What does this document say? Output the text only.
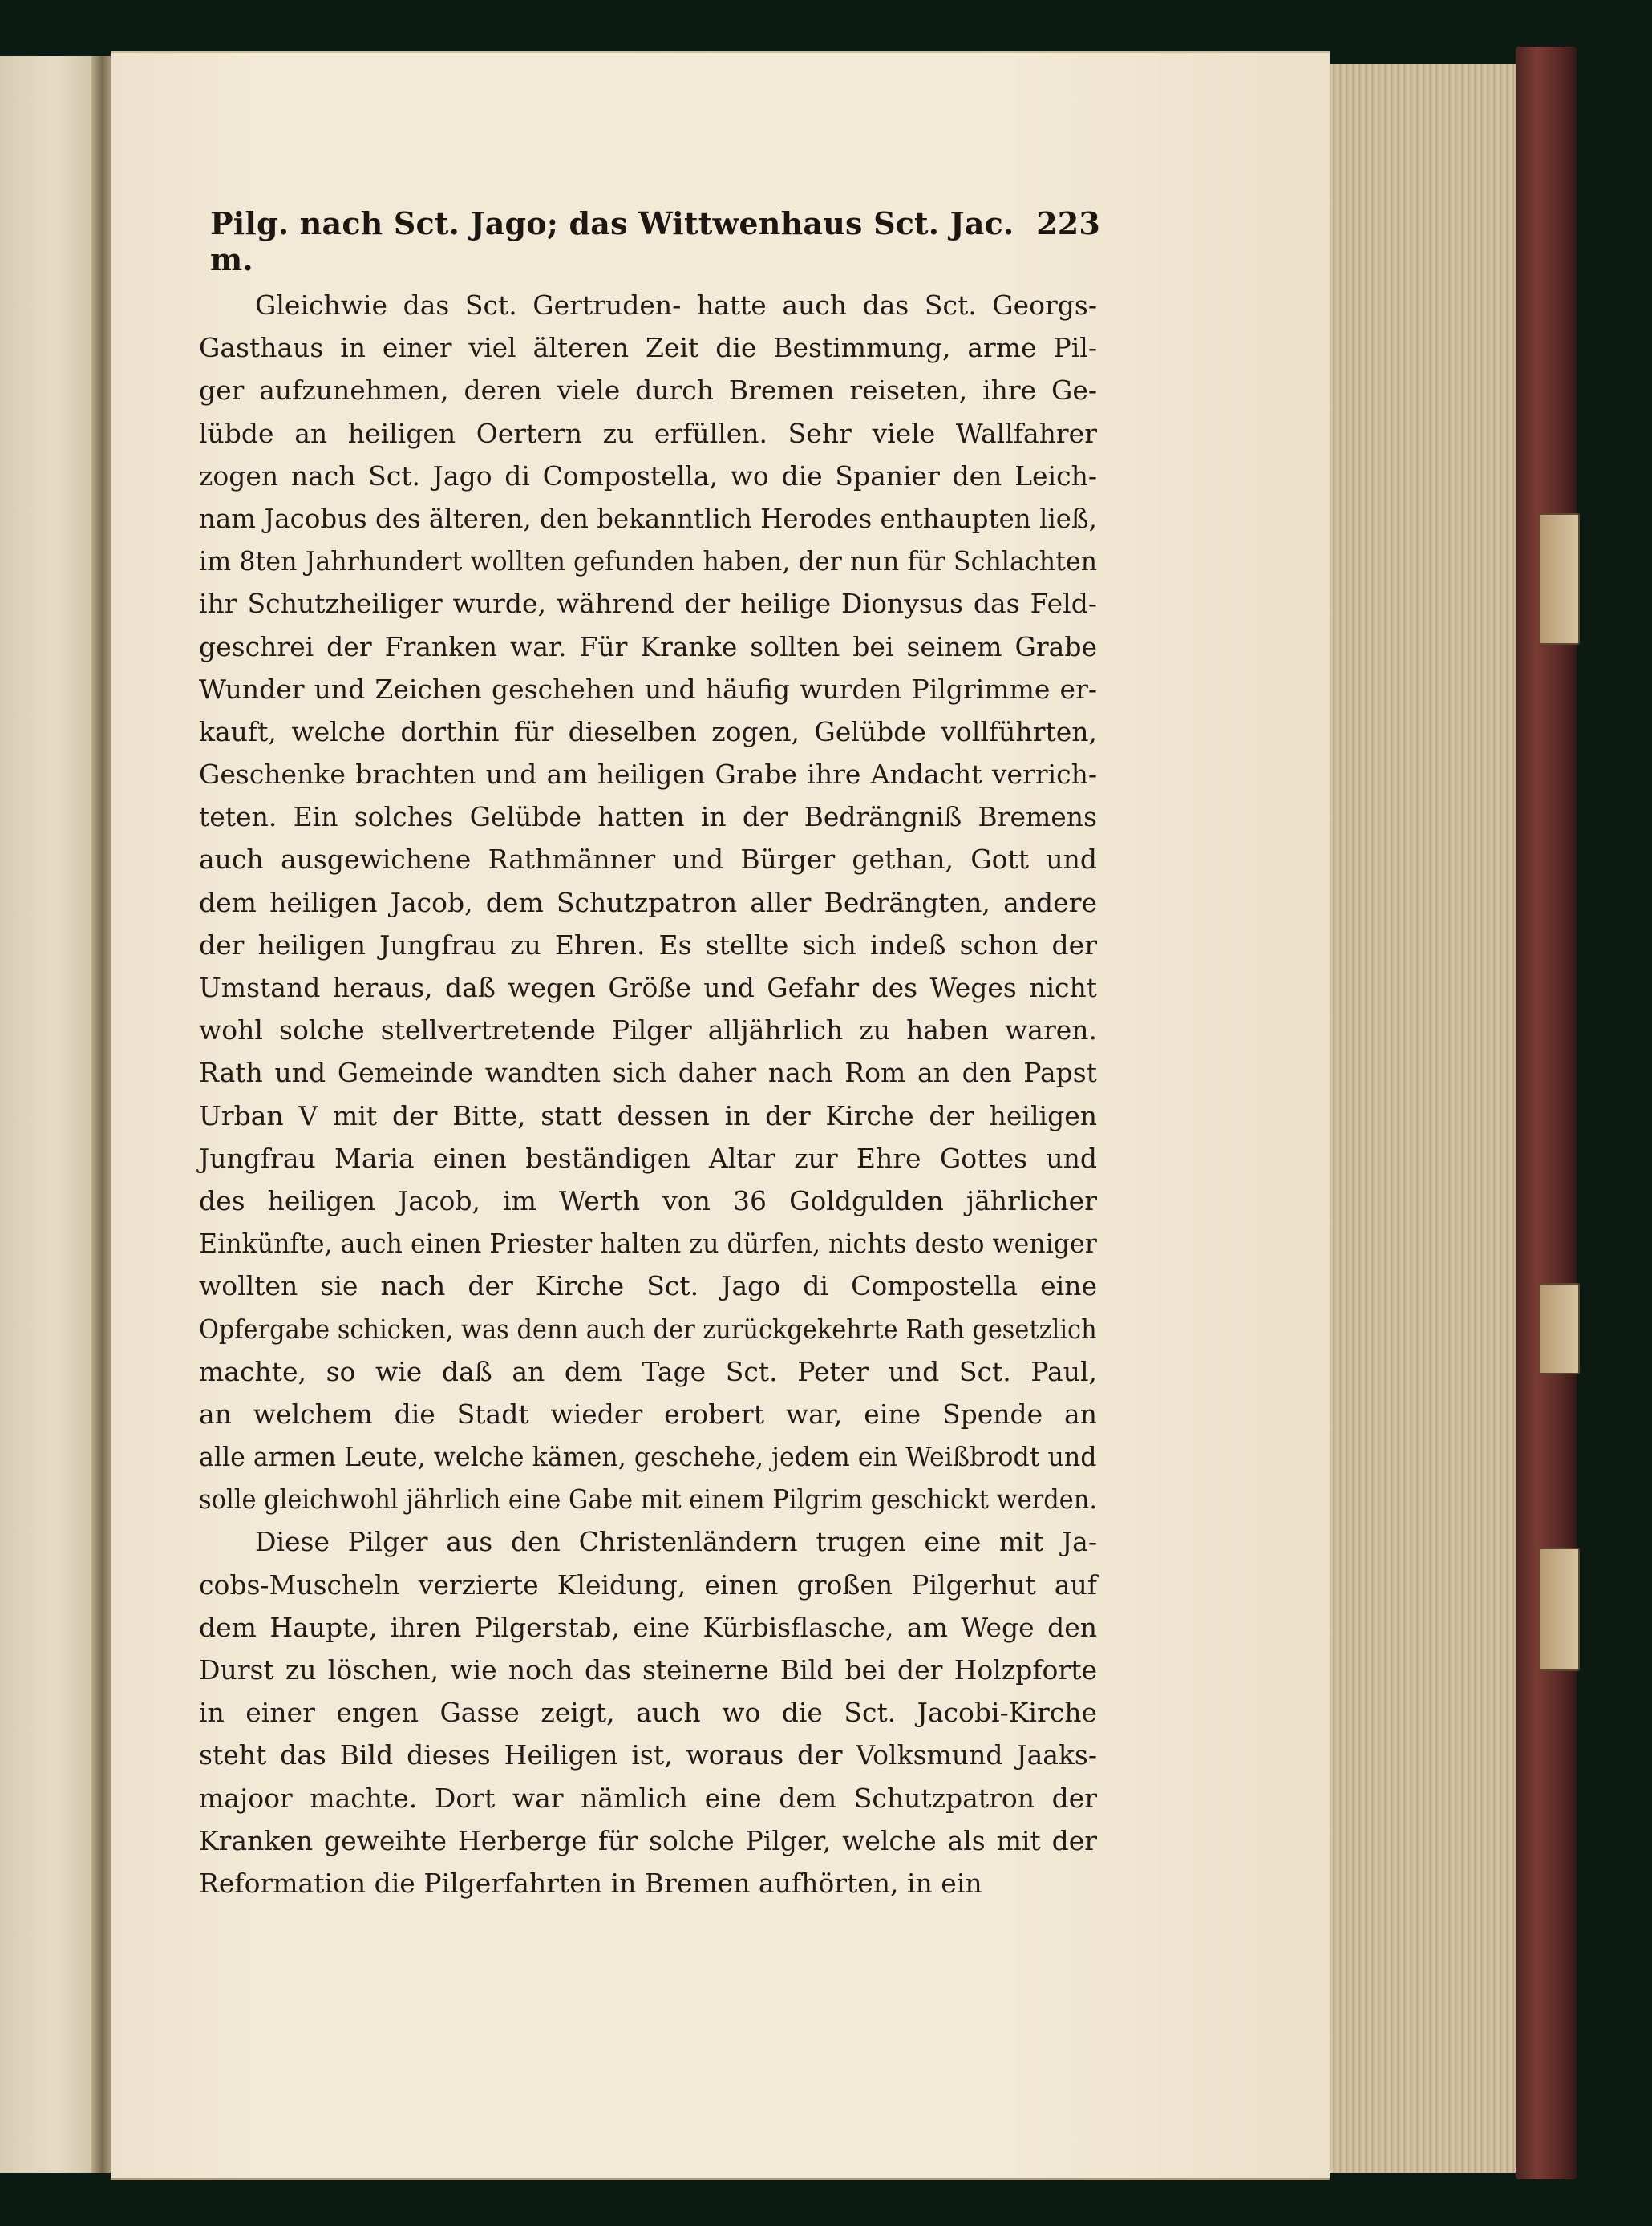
Pilg. nach Sct. Jago; das Wittwenhaus Sct. Jac. m.
223
Gleichwie das Sct. Gertruden- hatte auch das Sct. Georgs-
Gasthaus in einer viel älteren Zeit die Bestimmung, arme Pil-
ger aufzunehmen, deren viele durch Bremen reiseten, ihre Ge-
lübde an heiligen Oertern zu erfüllen. Sehr viele Wallfahrer
zogen nach Sct. Jago di Compostella, wo die Spanier den Leich-
nam Jacobus des älteren, den bekanntlich Herodes enthaupten ließ,
im 8ten Jahrhundert wollten gefunden haben, der nun für Schlachten
ihr Schutzheiliger wurde, während der heilige Dionysus das Feld-
geschrei der Franken war. Für Kranke sollten bei seinem Grabe
Wunder und Zeichen geschehen und häufig wurden Pilgrimme er-
kauft, welche dorthin für dieselben zogen, Gelübde vollführten,
Geschenke brachten und am heiligen Grabe ihre Andacht verrich-
teten. Ein solches Gelübde hatten in der Bedrängniß Bremens
auch ausgewichene Rathmänner und Bürger gethan, Gott und
dem heiligen Jacob, dem Schutzpatron aller Bedrängten, andere
der heiligen Jungfrau zu Ehren. Es stellte sich indeß schon der
Umstand heraus, daß wegen Größe und Gefahr des Weges nicht
wohl solche stellvertretende Pilger alljährlich zu haben waren.
Rath und Gemeinde wandten sich daher nach Rom an den Papst
Urban V mit der Bitte, statt dessen in der Kirche der heiligen
Jungfrau Maria einen beständigen Altar zur Ehre Gottes und
des heiligen Jacob, im Werth von 36 Goldgulden jährlicher
Einkünfte, auch einen Priester halten zu dürfen, nichts desto weniger
wollten sie nach der Kirche Sct. Jago di Compostella eine
Opfergabe schicken, was denn auch der zurückgekehrte Rath gesetzlich
machte, so wie daß an dem Tage Sct. Peter und Sct. Paul,
an welchem die Stadt wieder erobert war, eine Spende an
alle armen Leute, welche kämen, geschehe, jedem ein Weißbrodt und
solle gleichwohl jährlich eine Gabe mit einem Pilgrim geschickt werden.
Diese Pilger aus den Christenländern trugen eine mit Ja-
cobs-Muscheln verzierte Kleidung, einen großen Pilgerhut auf
dem Haupte, ihren Pilgerstab, eine Kürbisflasche, am Wege den
Durst zu löschen, wie noch das steinerne Bild bei der Holzpforte
in einer engen Gasse zeigt, auch wo die Sct. Jacobi-Kirche
steht das Bild dieses Heiligen ist, woraus der Volksmund Jaaks-
majoor machte. Dort war nämlich eine dem Schutzpatron der
Kranken geweihte Herberge für solche Pilger, welche als mit der
Reformation die Pilgerfahrten in Bremen aufhörten, in ein
